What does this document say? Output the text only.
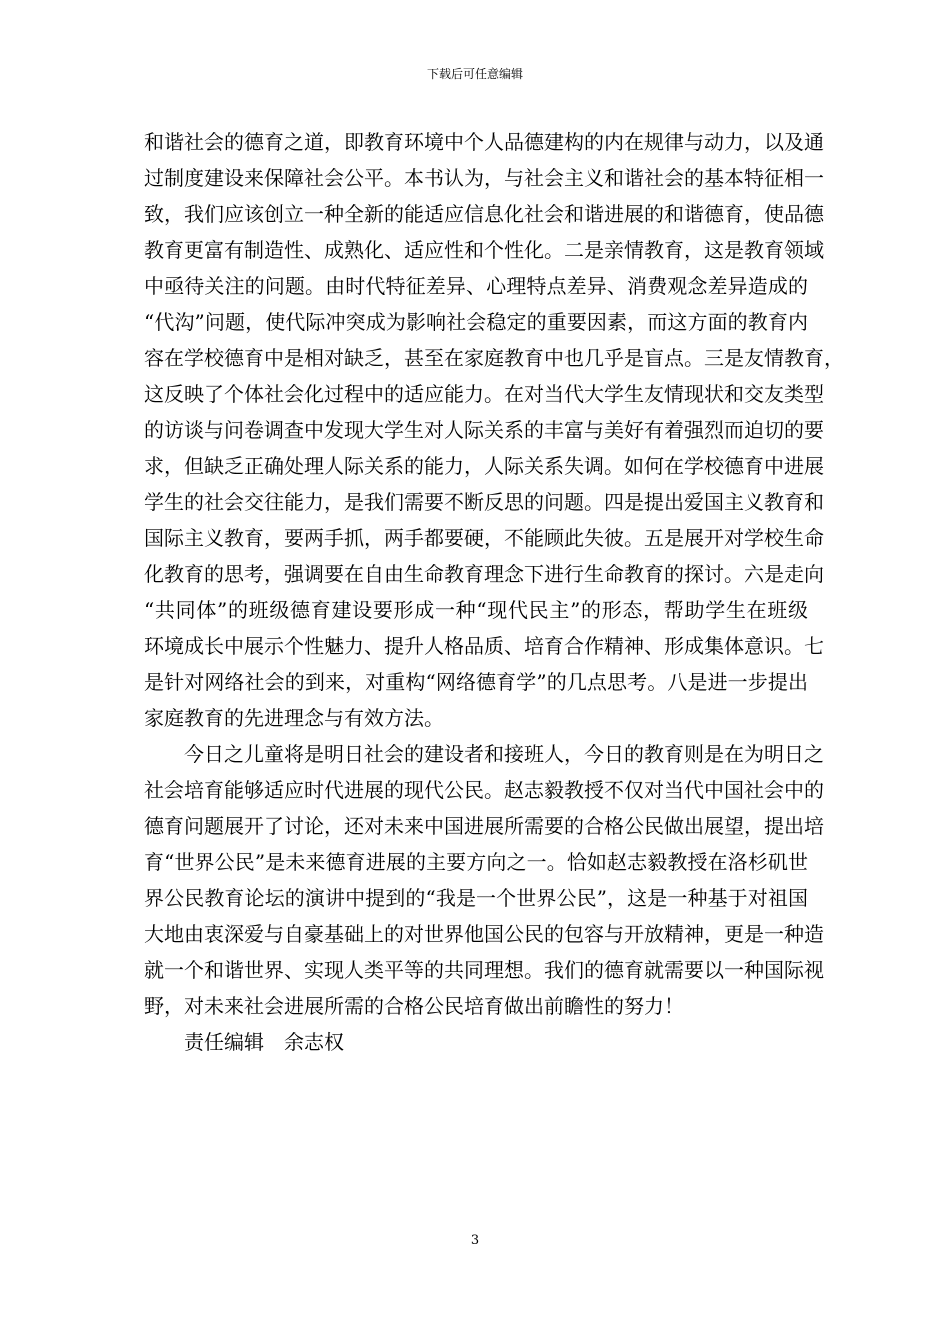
下载后可任意编辑
和谐社会的德育之道，即教育环境中个人品德建构的内在规律与动力，以及通
过制度建设来保障社会公平。本书认为，与社会主义和谐社会的基本特征相一
致，我们应该创立一种全新的能适应信息化社会和谐进展的和谐德育，使品德
教育更富有制造性、成熟化、适应性和个性化。二是亲情教育，这是教育领域
中亟待关注的问题。由时代特征差异、心理特点差异、消费观念差异造成的
“代沟”问题，使代际冲突成为影响社会稳定的重要因素，而这方面的教育内
容在学校德育中是相对缺乏，甚至在家庭教育中也几乎是盲点。三是友情教育，
这反映了个体社会化过程中的适应能力。在对当代大学生友情现状和交友类型
的访谈与问卷调查中发现大学生对人际关系的丰富与美好有着强烈而迫切的要
求，但缺乏正确处理人际关系的能力，人际关系失调。如何在学校德育中进展
学生的社会交往能力，是我们需要不断反思的问题。四是提出爱国主义教育和
国际主义教育，要两手抓，两手都要硬，不能顾此失彼。五是展开对学校生命
化教育的思考，强调要在自由生命教育理念下进行生命教育的探讨。六是走向
“共同体”的班级德育建设要形成一种“现代民主”的形态，帮助学生在班级
环境成长中展示个性魅力、提升人格品质、培育合作精神、形成集体意识。七
是针对网络社会的到来，对重构“网络德育学”的几点思考。八是进一步提出
家庭教育的先进理念与有效方法。
今日之儿童将是明日社会的建设者和接班人，今日的教育则是在为明日之
社会培育能够适应时代进展的现代公民。赵志毅教授不仅对当代中国社会中的
德育问题展开了讨论，还对未来中国进展所需要的合格公民做出展望，提出培
育“世界公民”是未来德育进展的主要方向之一。恰如赵志毅教授在洛杉矶世
界公民教育论坛的演讲中提到的“我是一个世界公民”，这是一种基于对祖国
大地由衷深爱与自豪基础上的对世界他国公民的包容与开放精神，更是一种造
就一个和谐世界、实现人类平等的共同理想。我们的德育就需要以一种国际视
野，对未来社会进展所需的合格公民培育做出前瞻性的努力！
责任编辑　余志权
3
